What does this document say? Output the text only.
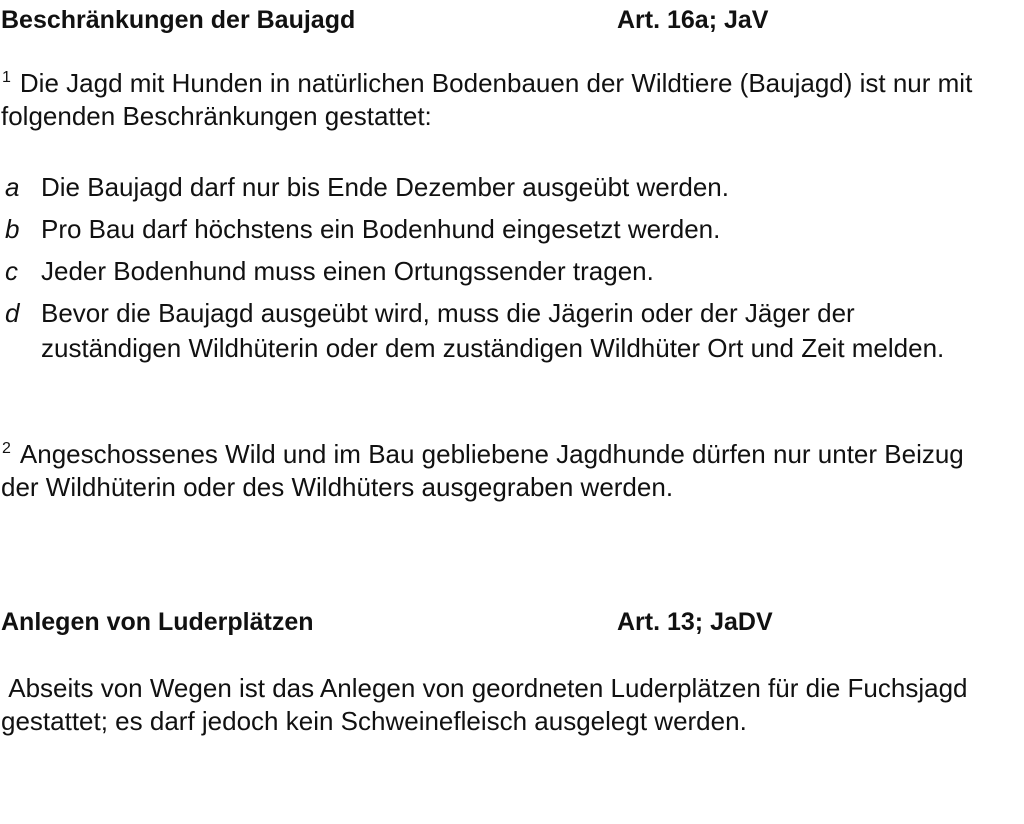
Beschränkungen der Baujagd	Art. 16a; JaV

$^1$ Die Jagd mit Hunden in natürlichen Bodenbauen der Wildtiere (Baujagd) ist nur mit folgenden Beschränkungen gestattet:

a Die Baujagd darf nur bis Ende Dezember ausgeübt werden.
b Pro Bau darf höchstens ein Bodenhund eingesetzt werden.
c Jeder Bodenhund muss einen Ortungssender tragen.
d Bevor die Baujagd ausgeübt wird, muss die Jägerin oder der Jäger der zuständigen Wildhüterin oder dem zuständigen Wildhüter Ort und Zeit melden.

$^2$ Angeschossenes Wild und im Bau gebliebene Jagdhunde dürfen nur unter Beizug der Wildhüterin oder des Wildhüters ausgegraben werden.

Anlegen von Luderplätzen	Art. 13; JaDV

Abseits von Wegen ist das Anlegen von geordneten Luderplätzen für die Fuchsjagd gestattet; es darf jedoch kein Schweinefleisch ausgelegt werden.
